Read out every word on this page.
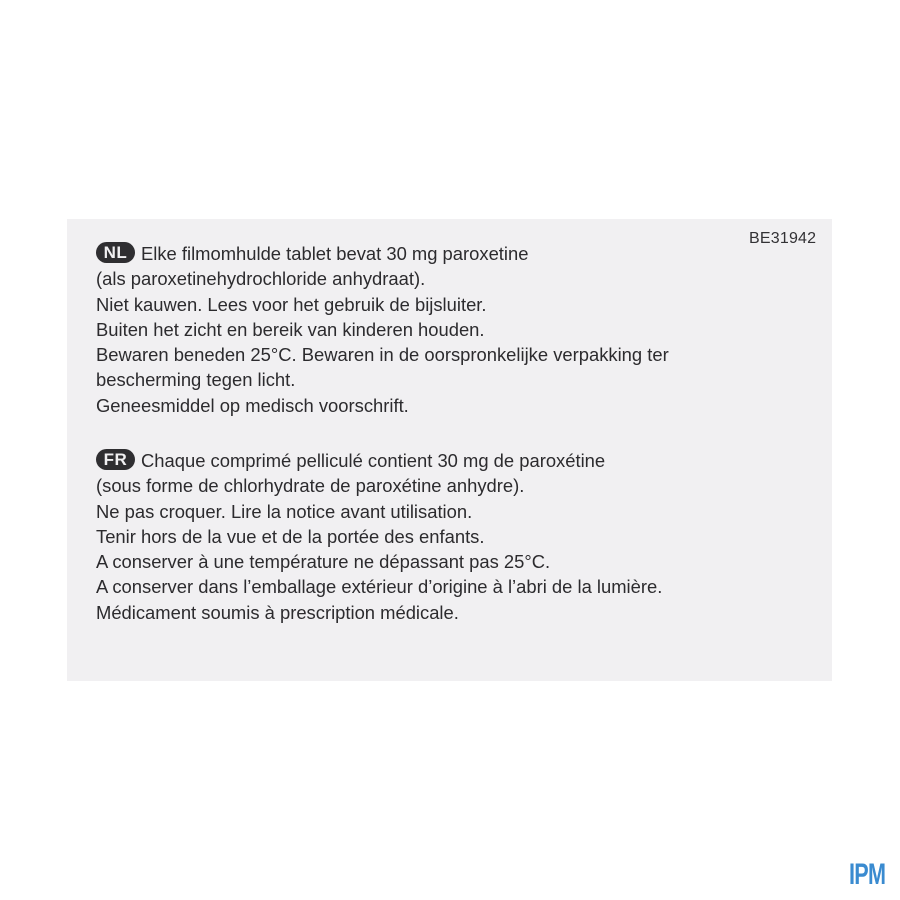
BE31942
NL Elke filmomhulde tablet bevat 30 mg paroxetine
(als paroxetinehydrochloride anhydraat).
Niet kauwen. Lees voor het gebruik de bijsluiter.
Buiten het zicht en bereik van kinderen houden.
Bewaren beneden 25°C. Bewaren in de oorspronkelijke verpakking ter
bescherming tegen licht.
Geneesmiddel op medisch voorschrift.
FR Chaque comprimé pelliculé contient 30 mg de paroxétine
(sous forme de chlorhydrate de paroxétine anhydre).
Ne pas croquer. Lire la notice avant utilisation.
Tenir hors de la vue et de la portée des enfants.
A conserver à une température ne dépassant pas 25°C.
A conserver dans l’emballage extérieur d’origine à l’abri de la lumière.
Médicament soumis à prescription médicale.
IPM
